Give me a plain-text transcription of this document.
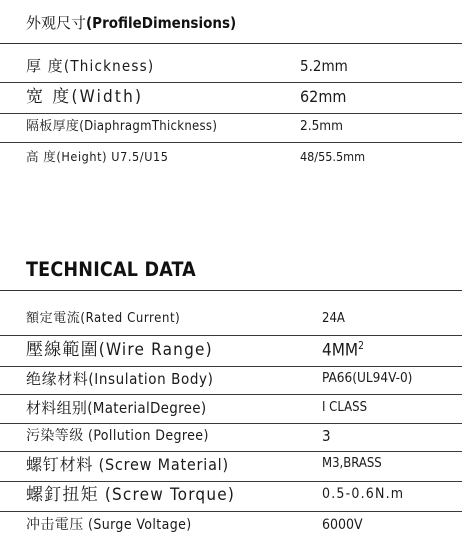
外观尺寸(ProfileDimensions)
厚 度(Thickness)	5.2mm
宽 度(Width)	62mm
隔板厚度(DiaphragmThickness)	2.5mm
高 度(Height) U7.5/U15	48/55.5mm
TECHNICAL DATA
額定電流(Rated Current)	24A
壓線範圍(Wire Range)	$4MM^2$
绝缘材料(Insulation Body)	PA66(UL94V-0)
材料组别(MaterialDegree)	I CLASS
污染等级 (Pollution Degree)	3
螺钉材料 (Screw Material)	M3,BRASS
螺釘扭矩 (Screw Torque)	0.5-0.6N.m
冲击電压 (Surge Voltage)	6000V
